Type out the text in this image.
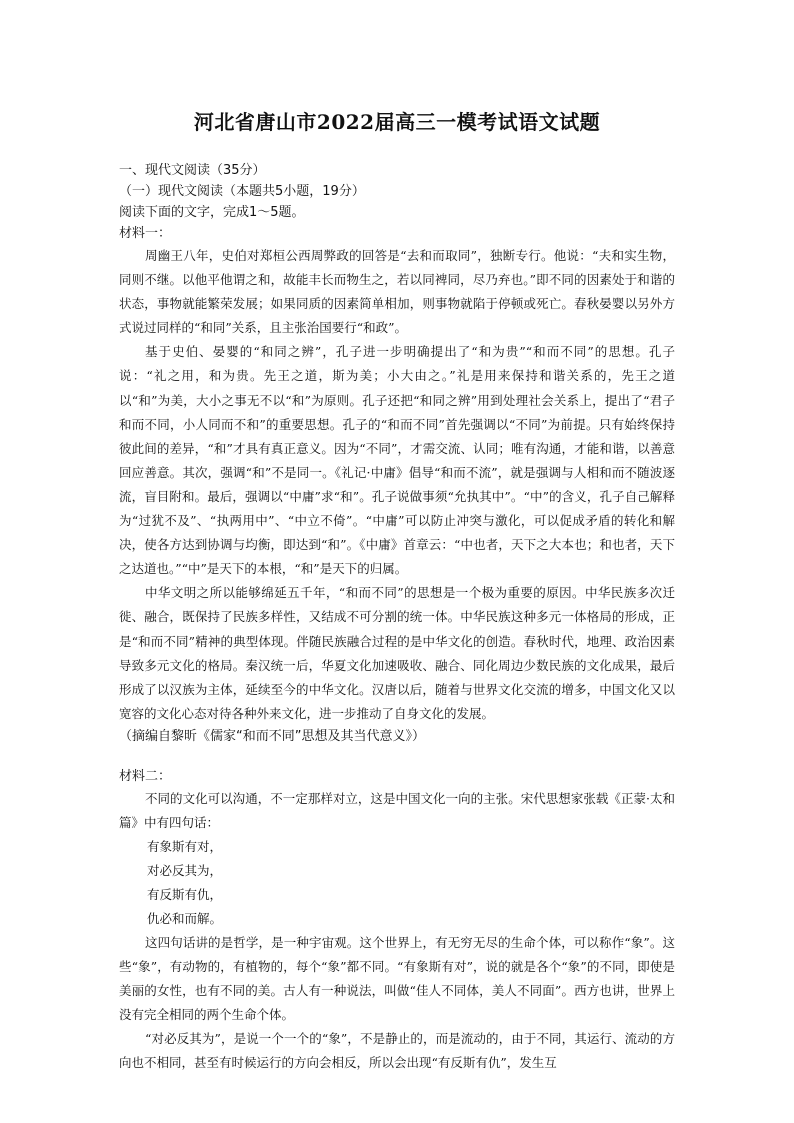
河北省唐山市2022届高三一模考试语文试题
一、现代文阅读（35分）
（一）现代文阅读（本题共5小题，19分）
阅读下面的文字，完成1～5题。
材料一：

周幽王八年，史伯对郑桓公西周弊政的回答是“去和而取同”，独断专行。他说：“夫和实生物，同则不继。以他平他谓之和，故能丰长而物生之，若以同裨同，尽乃弃也。”即不同的因素处于和谐的状态，事物就能繁荣发展；如果同质的因素简单相加，则事物就陷于停顿或死亡。春秋晏婴以另外方式说过同样的“和同”关系，且主张治国要行“和政”。

基于史伯、晏婴的“和同之辨”，孔子进一步明确提出了“和为贵”“和而不同”的思想。孔子说：“礼之用，和为贵。先王之道，斯为美；小大由之。”礼是用来保持和谐关系的，先王之道以“和”为美，大小之事无不以“和”为原则。孔子还把“和同之辨”用到处理社会关系上，提出了“君子和而不同，小人同而不和”的重要思想。孔子的“和而不同”首先强调以“不同”为前提。只有始终保持彼此间的差异，“和”才具有真正意义。因为“不同”，才需交流、认同；唯有沟通，才能和谐，以善意回应善意。其次，强调“和”不是同一。《礼记·中庸》倡导“和而不流”，就是强调与人相和而不随波逐流，盲目附和。最后，强调以“中庸”求“和”。孔子说做事须“允执其中”。“中”的含义，孔子自己解释为“过犹不及”、“执两用中”、“中立不倚”。“中庸”可以防止冲突与激化，可以促成矛盾的转化和解决，使各方达到协调与均衡，即达到“和”。《中庸》首章云：“中也者，天下之大本也；和也者，天下之达道也。”“中”是天下的本根，“和”是天下的归属。

中华文明之所以能够绵延五千年，“和而不同”的思想是一个极为重要的原因。中华民族多次迁徙、融合，既保持了民族多样性，又结成不可分割的统一体。中华民族这种多元一体格局的形成，正是“和而不同”精神的典型体现。伴随民族融合过程的是中华文化的创造。春秋时代，地理、政治因素导致多元文化的格局。秦汉统一后，华夏文化加速吸收、融合、同化周边少数民族的文化成果，最后形成了以汉族为主体，延续至今的中华文化。汉唐以后，随着与世界文化交流的增多，中国文化又以宽容的文化心态对待各种外来文化，进一步推动了自身文化的发展。

（摘编自黎昕《儒家“和而不同”思想及其当代意义》）
材料二：

不同的文化可以沟通，不一定那样对立，这是中国文化一向的主张。宋代思想家张载《正蒙·太和篇》中有四句话：

有象斯有对，
对必反其为，
有反斯有仇，
仇必和而解。

这四句话讲的是哲学，是一种宇宙观。这个世界上，有无穷无尽的生命个体，可以称作“象”。这些“象”，有动物的，有植物的，每个“象”都不同。“有象斯有对”，说的就是各个“象”的不同，即使是美丽的女性，也有不同的美。古人有一种说法，叫做“佳人不同体，美人不同面”。西方也讲，世界上没有完全相同的两个生命个体。

“对必反其为”，是说一个一个的“象”，不是静止的，而是流动的，由于不同，其运行、流动的方向也不相同，甚至有时候运行的方向会相反，所以会出现“有反斯有仇”，发生互
